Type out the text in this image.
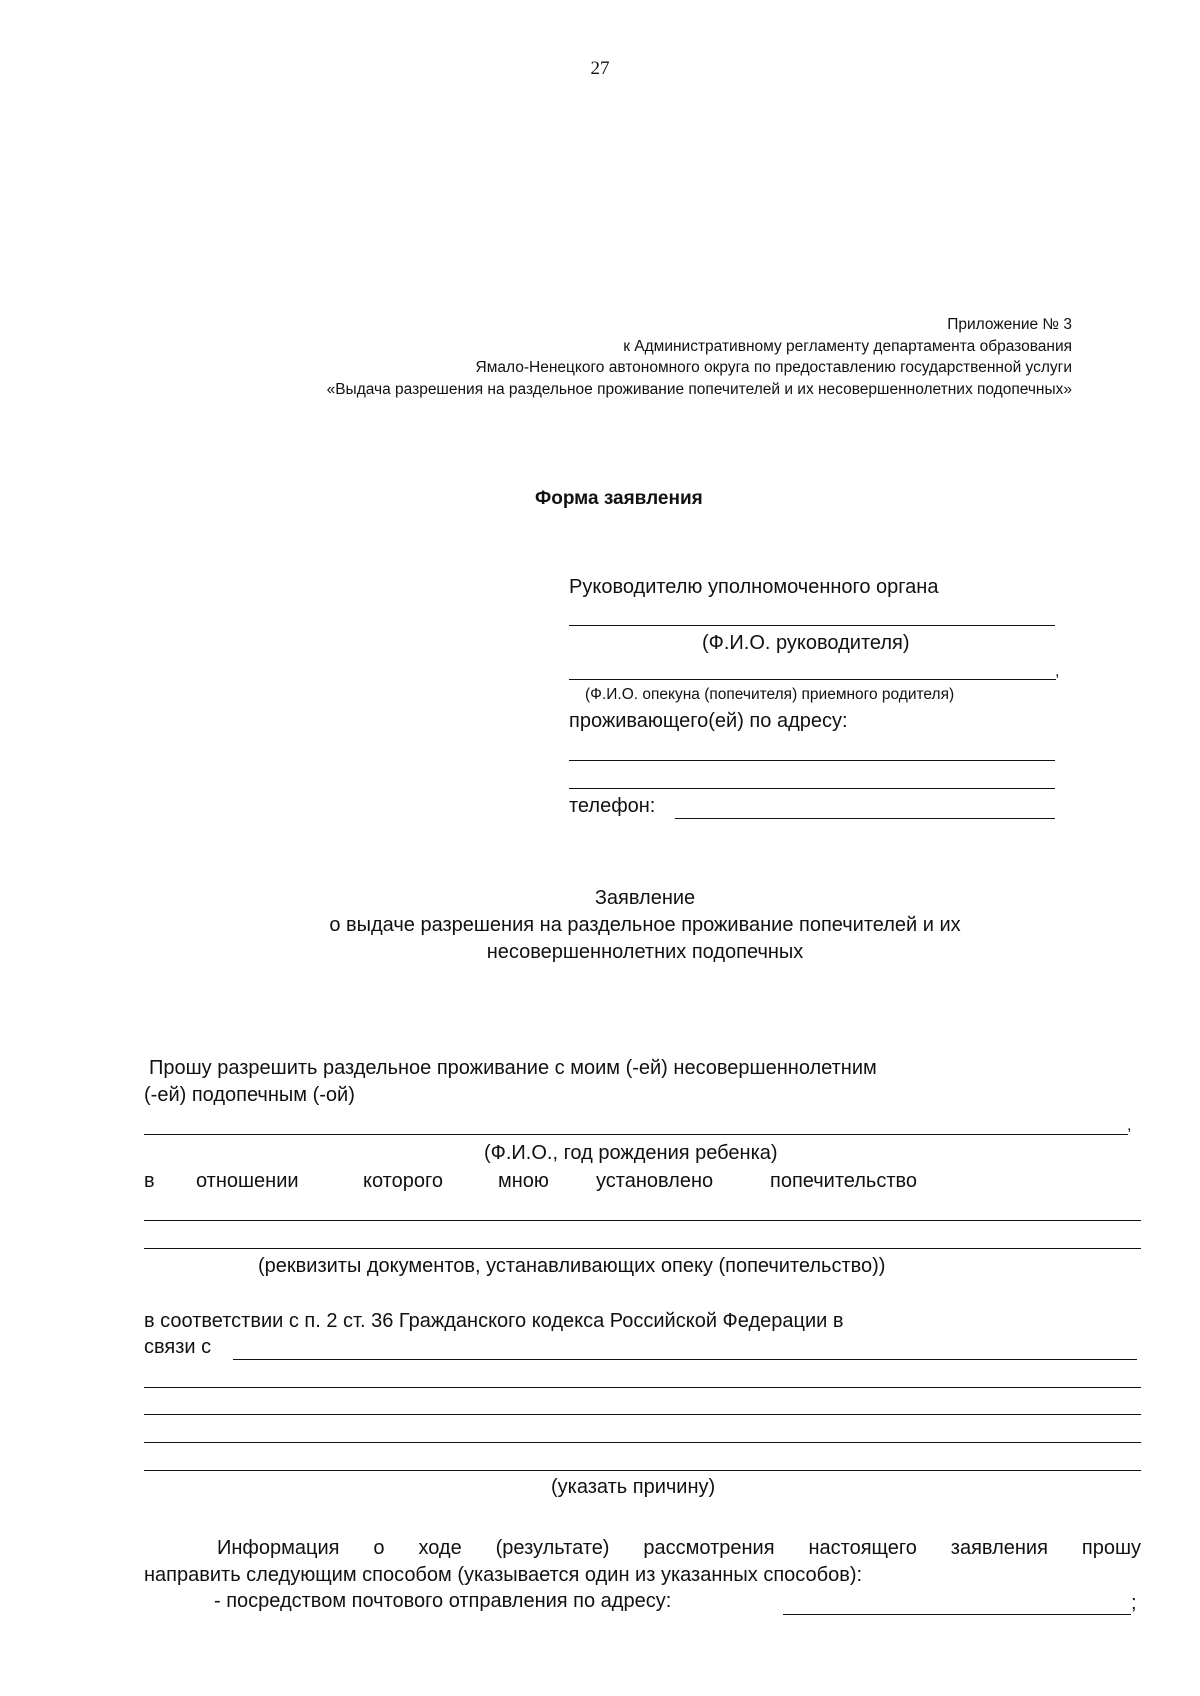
27
Приложение № 3
к Административному регламенту департамента образования
Ямало-Ненецкого автономного округа по предоставлению государственной услуги
«Выдача разрешения на раздельное проживание попечителей и их несовершеннолетних подопечных»
Форма заявления
Руководителю уполномоченного органа
(Ф.И.О. руководителя)
,
(Ф.И.О. опекуна (попечителя) приемного родителя)
проживающего(ей) по адресу:
телефон:
Заявление
о выдаче разрешения на раздельное проживание попечителей и их
несовершеннолетних подопечных
Прошу разрешить раздельное проживание с моим (-ей) несовершеннолетним
(-ей) подопечным (-ой)
,
(Ф.И.О., год рождения ребенка)
в отношении	которого	мною установлено	попечительство
(реквизиты документов, устанавливающих опеку (попечительство))
в соответствии с п. 2 ст. 36 Гражданского кодекса Российской Федерации в
связи с
(указать причину)
Информация о ходе (результате) рассмотрения настоящего заявления прошу
направить следующим способом (указывается один из указанных способов):
- посредством почтового отправления по адресу:	;
